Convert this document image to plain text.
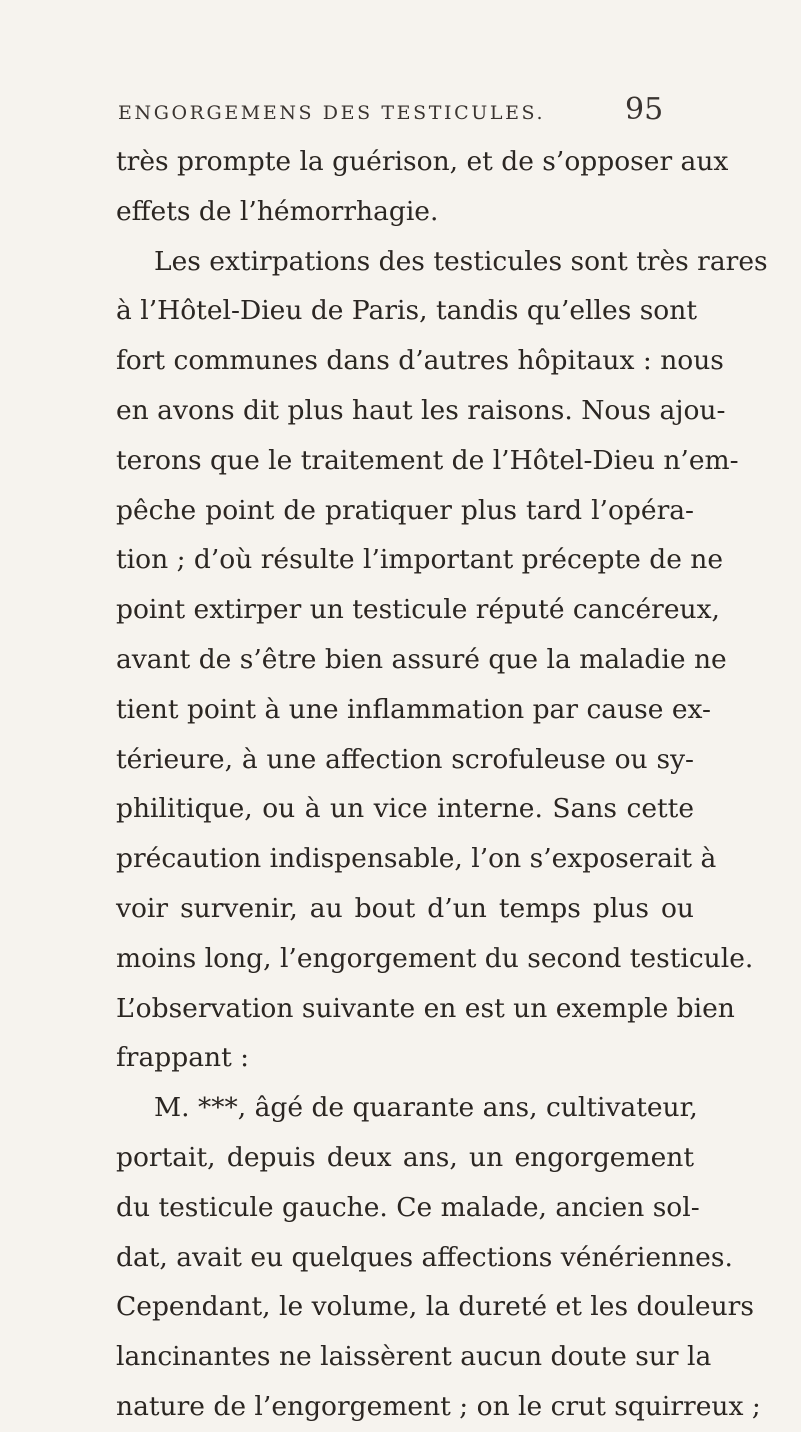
ENGORGEMENS DES TESTICULES.	95
très prompte la guérison, et de s’opposer aux
effets de l’hémorrhagie.
Les extirpations des testicules sont très rares
à l’Hôtel-Dieu de Paris, tandis qu’elles sont
fort communes dans d’autres hôpitaux : nous
en avons dit plus haut les raisons. Nous ajou-
terons que le traitement de l’Hôtel-Dieu n’em-
pêche point de pratiquer plus tard l’opéra-
tion ; d’où résulte l’important précepte de ne
point extirper un testicule réputé cancéreux,
avant de s’être bien assuré que la maladie ne
tient point à une inflammation par cause ex-
térieure, à une affection scrofuleuse ou sy-
philitique, ou à un vice interne. Sans cette
précaution indispensable, l’on s’exposerait à
voir survenir, au bout d’un temps plus ou
moins long, l’engorgement du second testicule.
L’observation suivante en est un exemple bien
frappant :
M. ***, âgé de quarante ans, cultivateur,
portait, depuis deux ans, un engorgement
du testicule gauche. Ce malade, ancien sol-
dat, avait eu quelques affections vénériennes.
Cependant, le volume, la dureté et les douleurs
lancinantes ne laissèrent aucun doute sur la
nature de l’engorgement ; on le crut squirreux ;
